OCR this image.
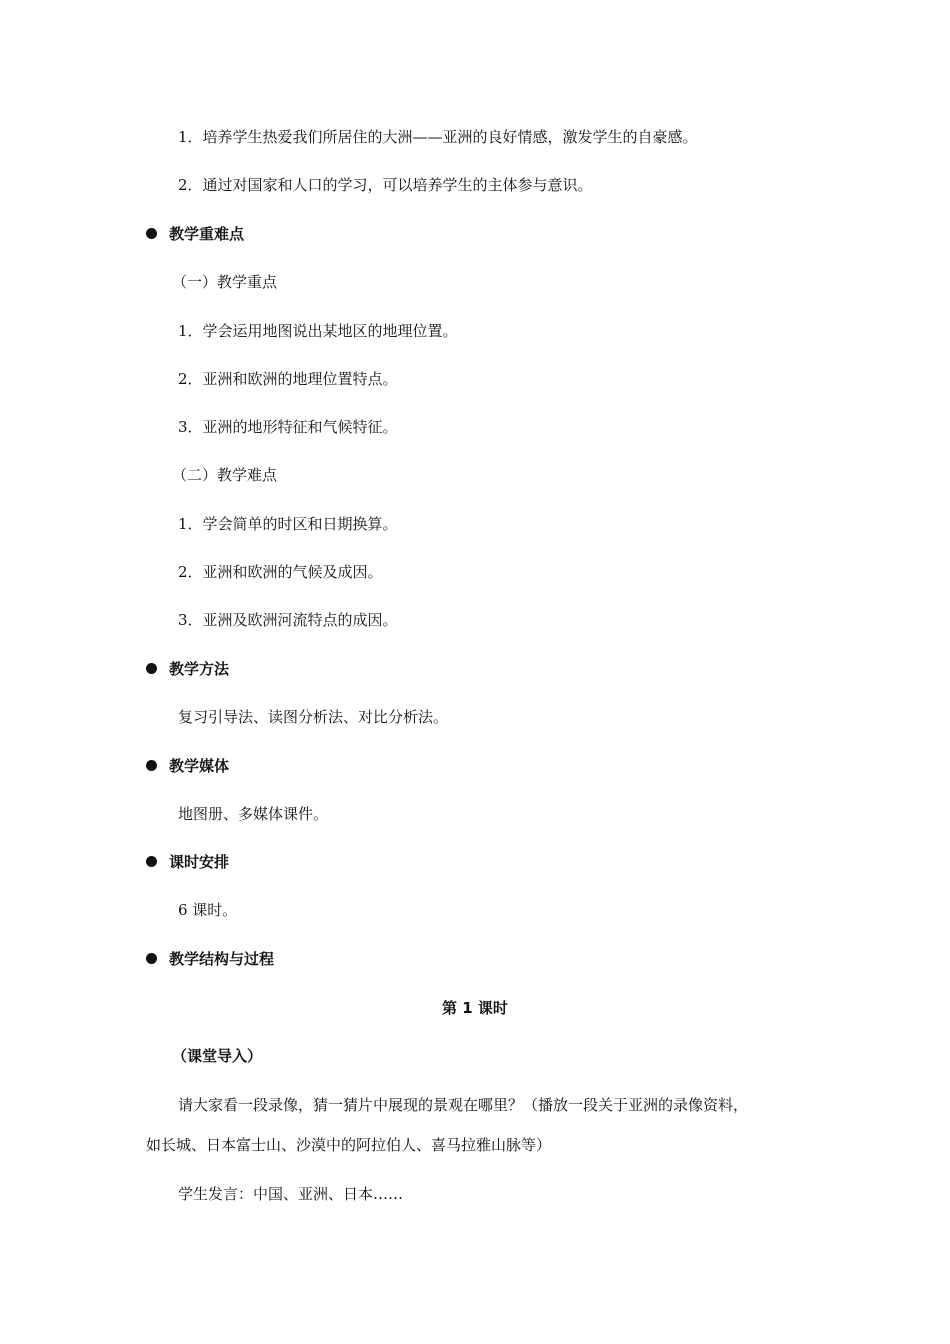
1．培养学生热爱我们所居住的大洲——亚洲的良好情感，激发学生的自豪感。
2．通过对国家和人口的学习，可以培养学生的主体参与意识。
教学重难点
（一）教学重点
1．学会运用地图说出某地区的地理位置。
2．亚洲和欧洲的地理位置特点。
3．亚洲的地形特征和气候特征。
（二）教学难点
1．学会简单的时区和日期换算。
2．亚洲和欧洲的气候及成因。
3．亚洲及欧洲河流特点的成因。
教学方法
复习引导法、读图分析法、对比分析法。
教学媒体
地图册、多媒体课件。
课时安排
6 课时。
教学结构与过程
第 1 课时
（课堂导入）
请大家看一段录像，猜一猜片中展现的景观在哪里？（播放一段关于亚洲的录像资料，
如长城、日本富士山、沙漠中的阿拉伯人、喜马拉雅山脉等）
学生发言：中国、亚洲、日本……
